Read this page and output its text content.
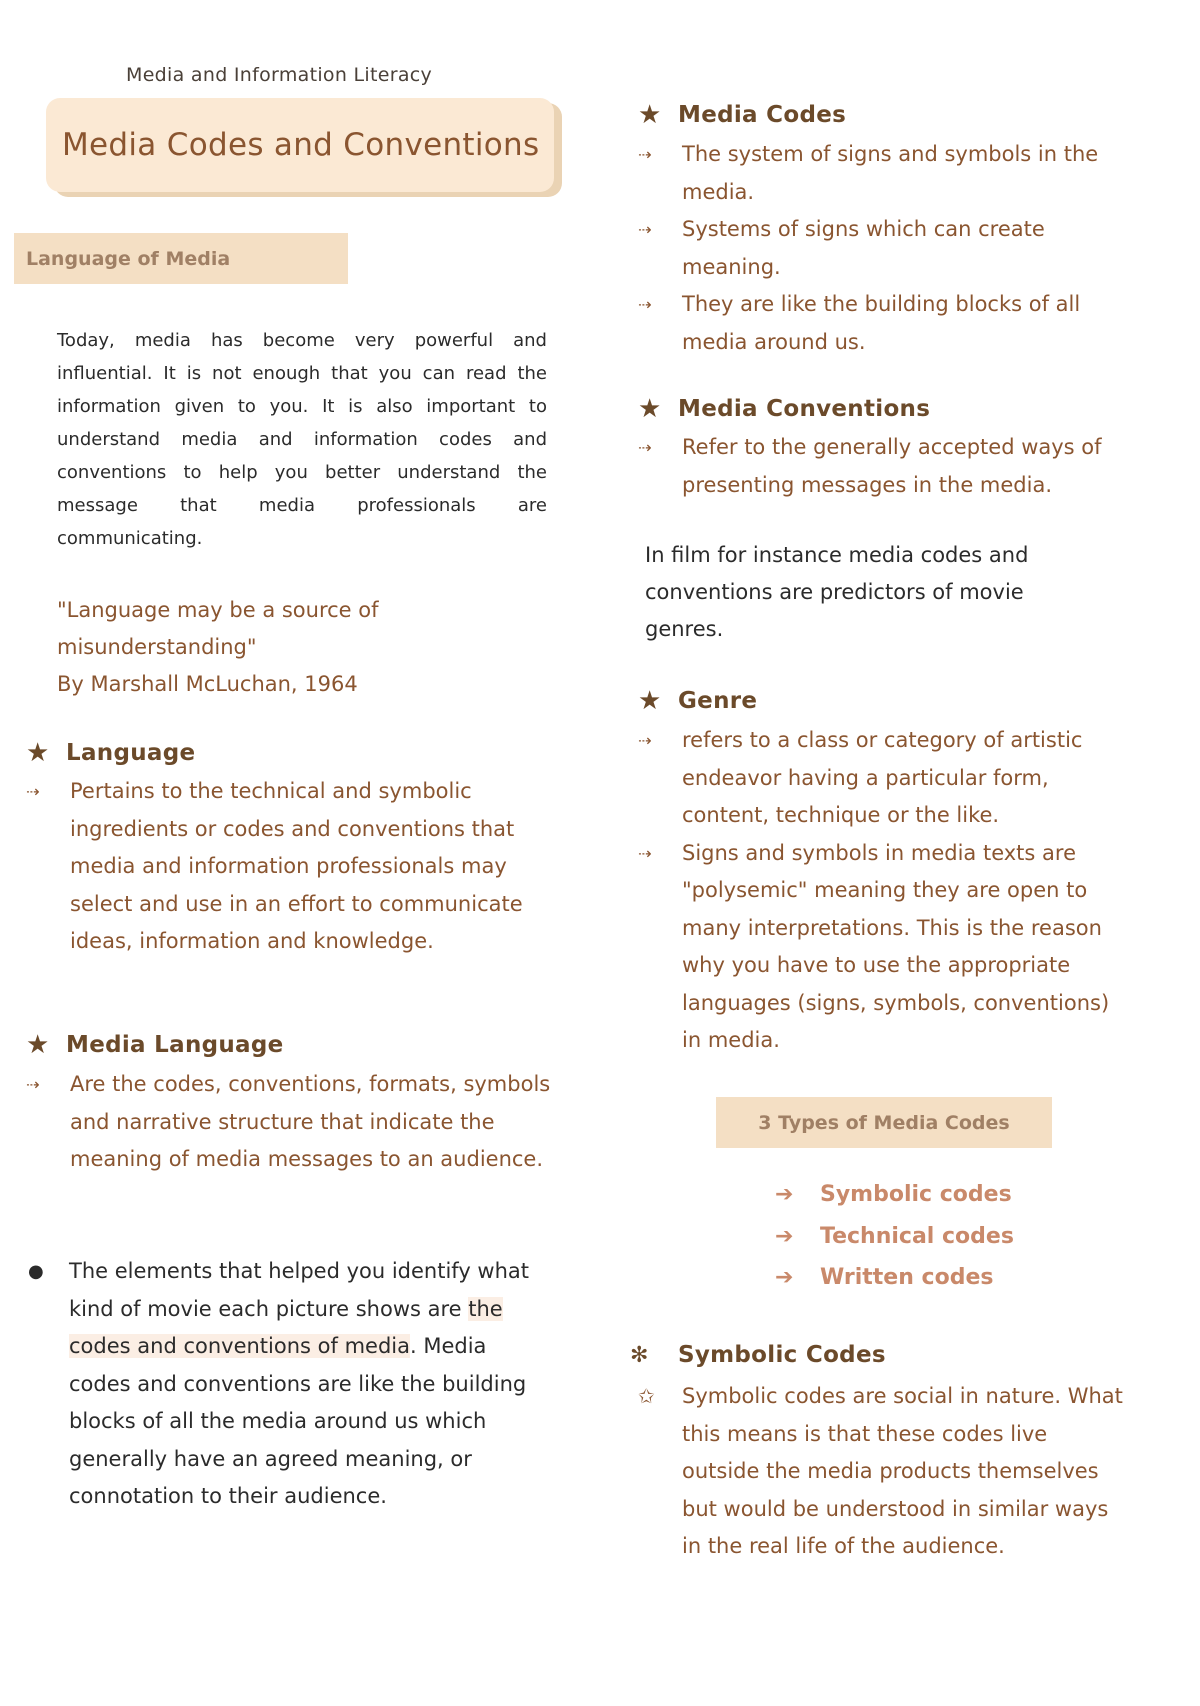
Media and Information Literacy
Media Codes and Conventions
Language of Media

Today, media has become very powerful and influential. It is not enough that you can read the information given to you. It is also important to understand media and information codes and conventions to help you better understand the message that media professionals are communicating.

"Language may be a source of misunderstanding"
By Marshall McLuchan, 1964

★ Language
⇢ Pertains to the technical and symbolic ingredients or codes and conventions that media and information professionals may select and use in an effort to communicate ideas, information and knowledge.
★ Media Language
⇢ Are the codes, conventions, formats, symbols and narrative structure that indicate the meaning of media messages to an audience.
● The elements that helped you identify what kind of movie each picture shows are the codes and conventions of media. Media codes and conventions are like the building blocks of all the media around us which generally have an agreed meaning, or connotation to their audience.
★ Media Codes
⇢ The system of signs and symbols in the media.
⇢ Systems of signs which can create meaning.
⇢ They are like the building blocks of all media around us.
★ Media Conventions
⇢ Refer to the generally accepted ways of presenting messages in the media.

In film for instance media codes and conventions are predictors of movie genres.

★ Genre
⇢ refers to a class or category of artistic endeavor having a particular form, content, technique or the like.
⇢ Signs and symbols in media texts are "polysemic" meaning they are open to many interpretations. This is the reason why you have to use the appropriate languages (signs, symbols, conventions) in media.
3 Types of Media Codes
➔	Symbolic codes
➔	Technical codes
➔	Written codes
✻	Symbolic Codes
✩ Symbolic codes are social in nature. What this means is that these codes live outside the media products themselves but would be understood in similar ways in the real life of the audience.
